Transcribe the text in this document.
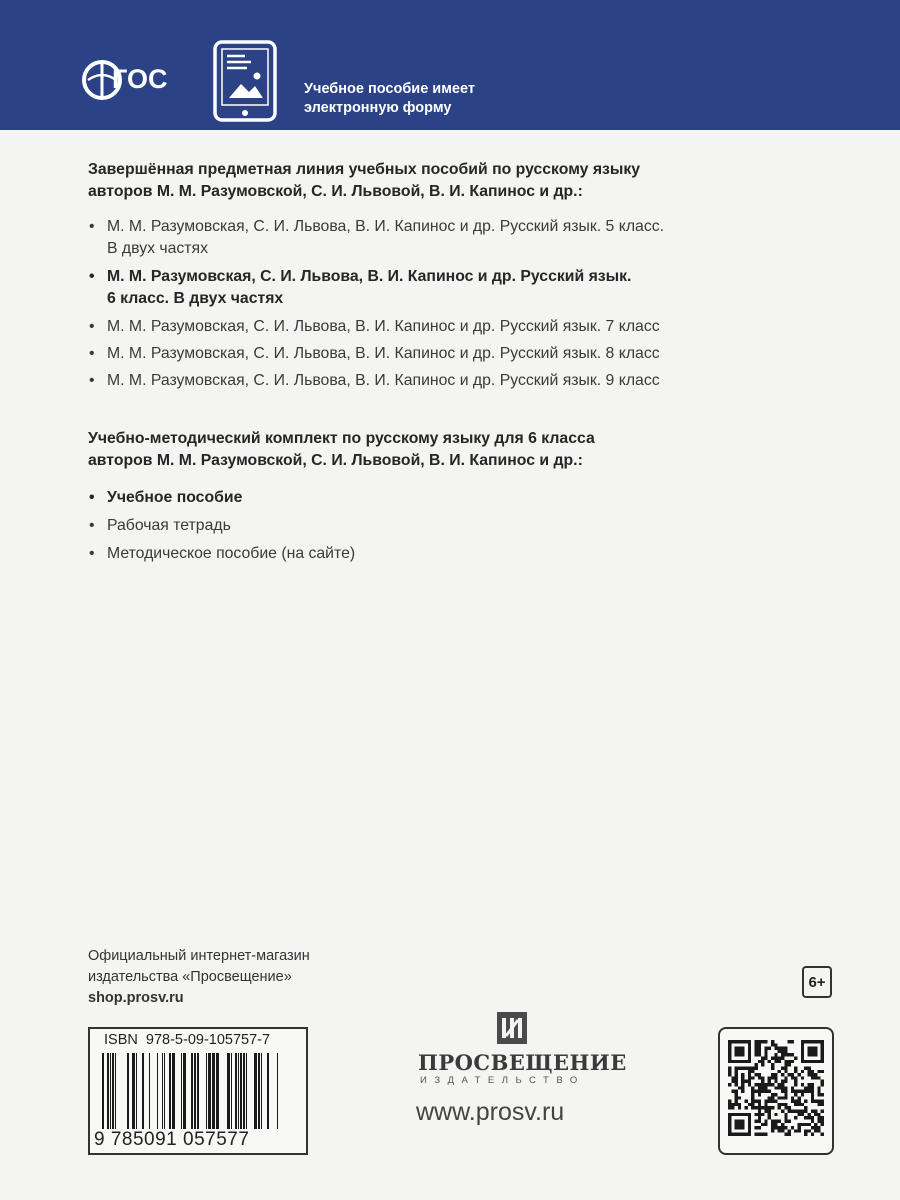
ГОС	Учебное пособие имеет
электронную форму

Завершённая предметная линия учебных пособий по русскому языку
авторов М. М. Разумовской, С. И. Львовой, В. И. Капинос и др.:

• М. М. Разумовская, С. И. Львова, В. И. Капинос и др. Русский язык. 5 класс.
В двух частях
• М. М. Разумовская, С. И. Львова, В. И. Капинос и др. Русский язык.
6 класс. В двух частях
• М. М. Разумовская, С. И. Львова, В. И. Капинос и др. Русский язык. 7 класс
• М. М. Разумовская, С. И. Львова, В. И. Капинос и др. Русский язык. 8 класс
• М. М. Разумовская, С. И. Львова, В. И. Капинос и др. Русский язык. 9 класс

Учебно-методический комплект по русскому языку для 6 класса
авторов М. М. Разумовской, С. И. Львовой, В. И. Капинос и др.:

• Учебное пособие
• Рабочая тетрадь
• Методическое пособие (на сайте)
Официальный интернет-магазин
издательства «Просвещение»
shop.prosv.ru
6+
ISBN  978-5-09-105757-7
9 785091 057577
ПРОСВЕЩЕНИЕ
ИЗДАТЕЛЬСТВО
www.prosv.ru
